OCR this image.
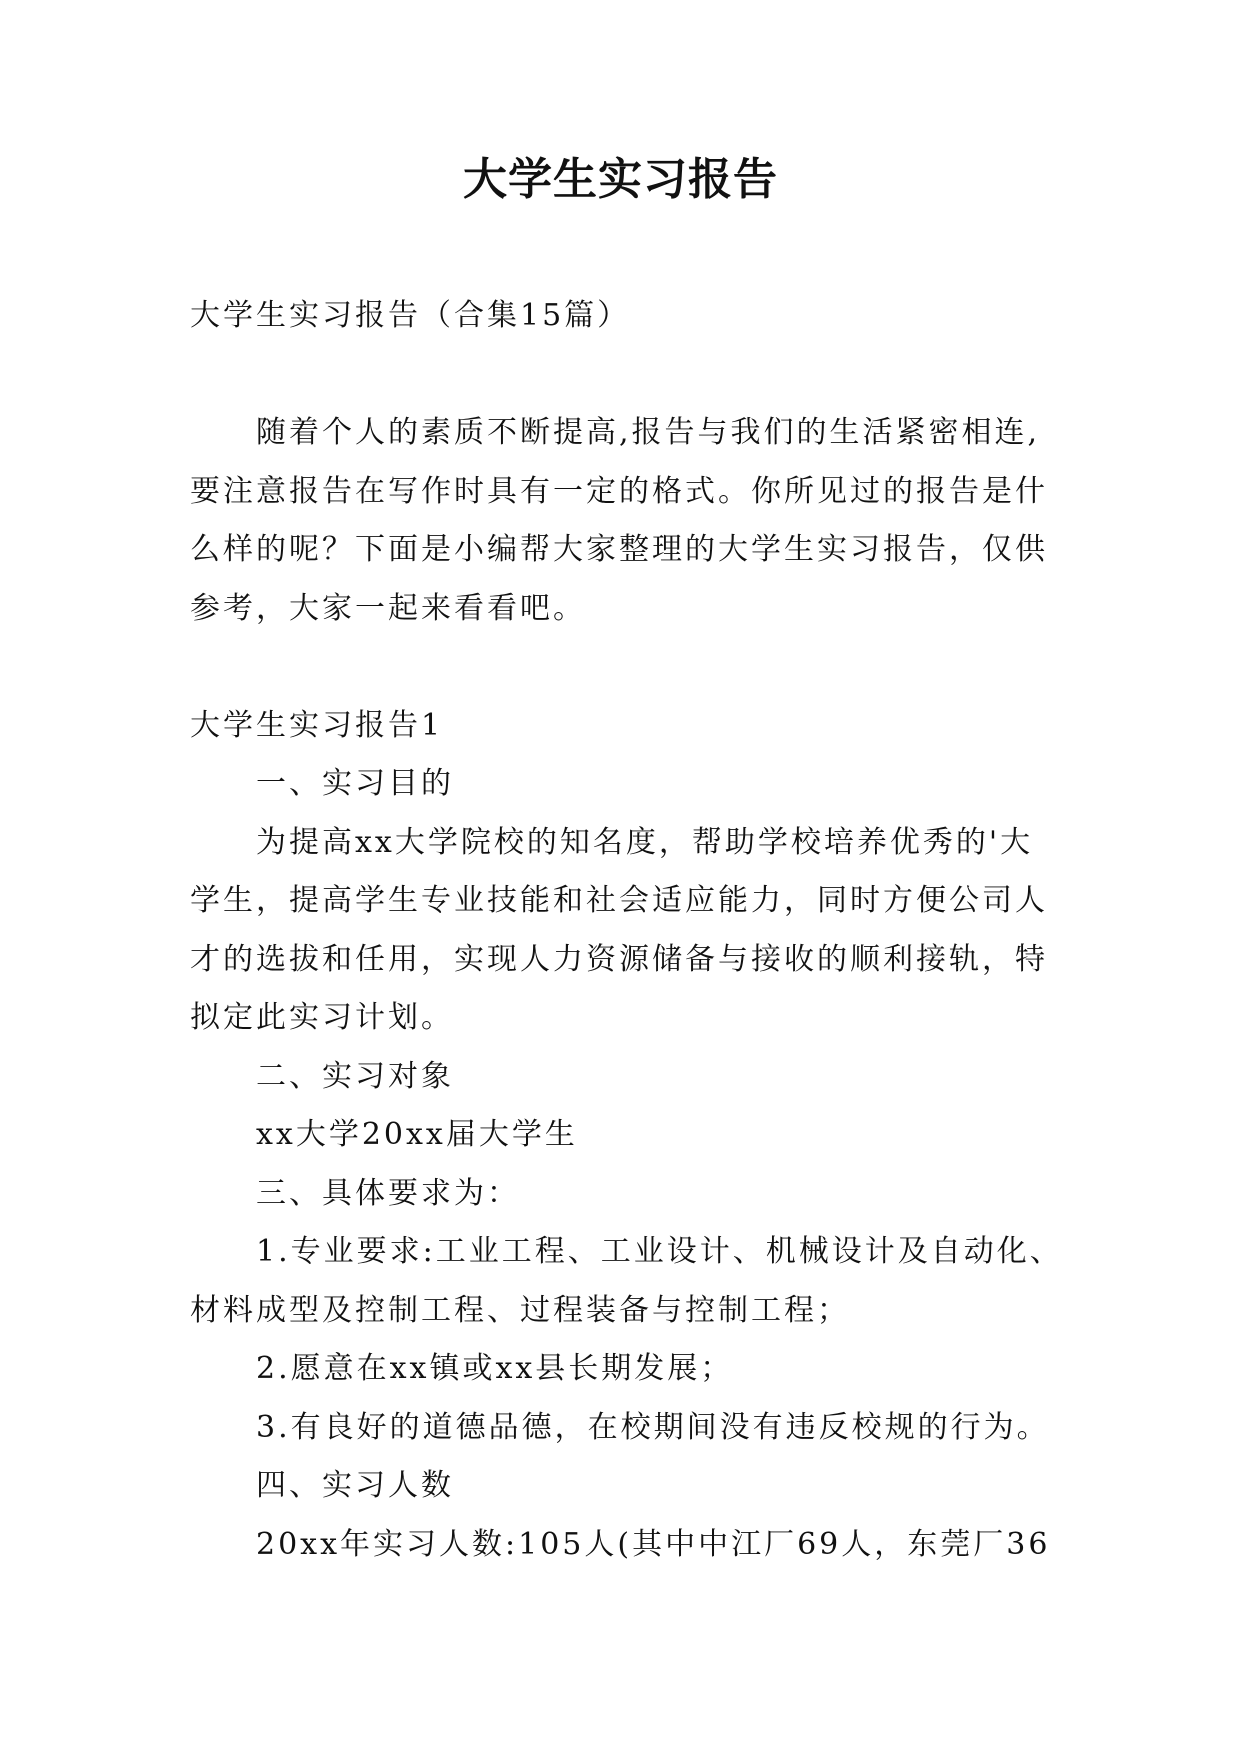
大学生实习报告
大学生实习报告（合集15篇）
随着个人的素质不断提高,报告与我们的生活紧密相连,
要注意报告在写作时具有一定的格式。你所见过的报告是什
么样的呢？下面是小编帮大家整理的大学生实习报告，仅供
参考，大家一起来看看吧。
大学生实习报告1
一、实习目的
为提高xx大学院校的知名度，帮助学校培养优秀的'大
学生，提高学生专业技能和社会适应能力，同时方便公司人
才的选拔和任用，实现人力资源储备与接收的顺利接轨，特
拟定此实习计划。
二、实习对象
xx大学20xx届大学生
三、具体要求为：
1.专业要求:工业工程、工业设计、机械设计及自动化、
材料成型及控制工程、过程装备与控制工程；
2.愿意在xx镇或xx县长期发展；
3.有良好的道德品德，在校期间没有违反校规的行为。
四、实习人数
20xx年实习人数:105人(其中中江厂69人，东莞厂36
